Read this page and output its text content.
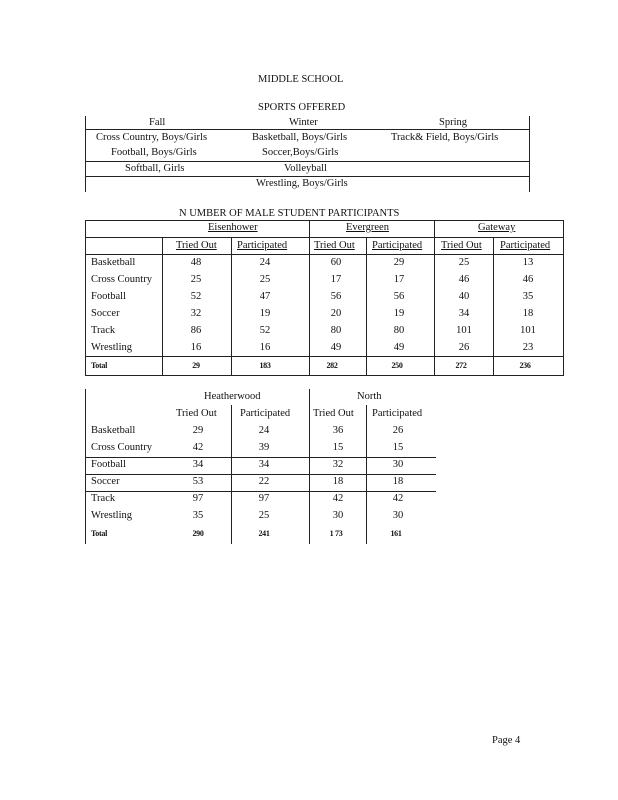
MIDDLE SCHOOL
SPORTS OFFERED
Fall	Winter	Spring
Cross Country, Boys/Girls	Basketball, Boys/Girls	Track& Field, Boys/Girls
Football, Boys/Girls	Soccer,Boys/Girls
Softball, Girls	Volleyball
Wrestling, Boys/Girls
N UMBER OF MALE STUDENT PARTICIPANTS
Eisenhower	Evergreen	Gateway
Tried Out Participated	Tried Out Participated Tried Out Participated
Basketball	48	24	60	29	25	13
Cross Country	25	25	17	17	46	46
Football	52	47	56	56	40	35
Soccer	32	19	20	19	34	18
Track	86	52	80	80	101	101
Wrestling	16	16	49	49	26	23
Total	29	183	282	250	272	236
Heatherwood	North
Tried Out Participated Tried Out Participated
Basketball	29	24	36	26
Cross Country	42	39	15	15
Football	34	34	32	30
Soccer	53	22	18	18
Track	97	97	42	42
Wrestling	35	25	30	30
Total	290	241	1 73	161
Page 4
